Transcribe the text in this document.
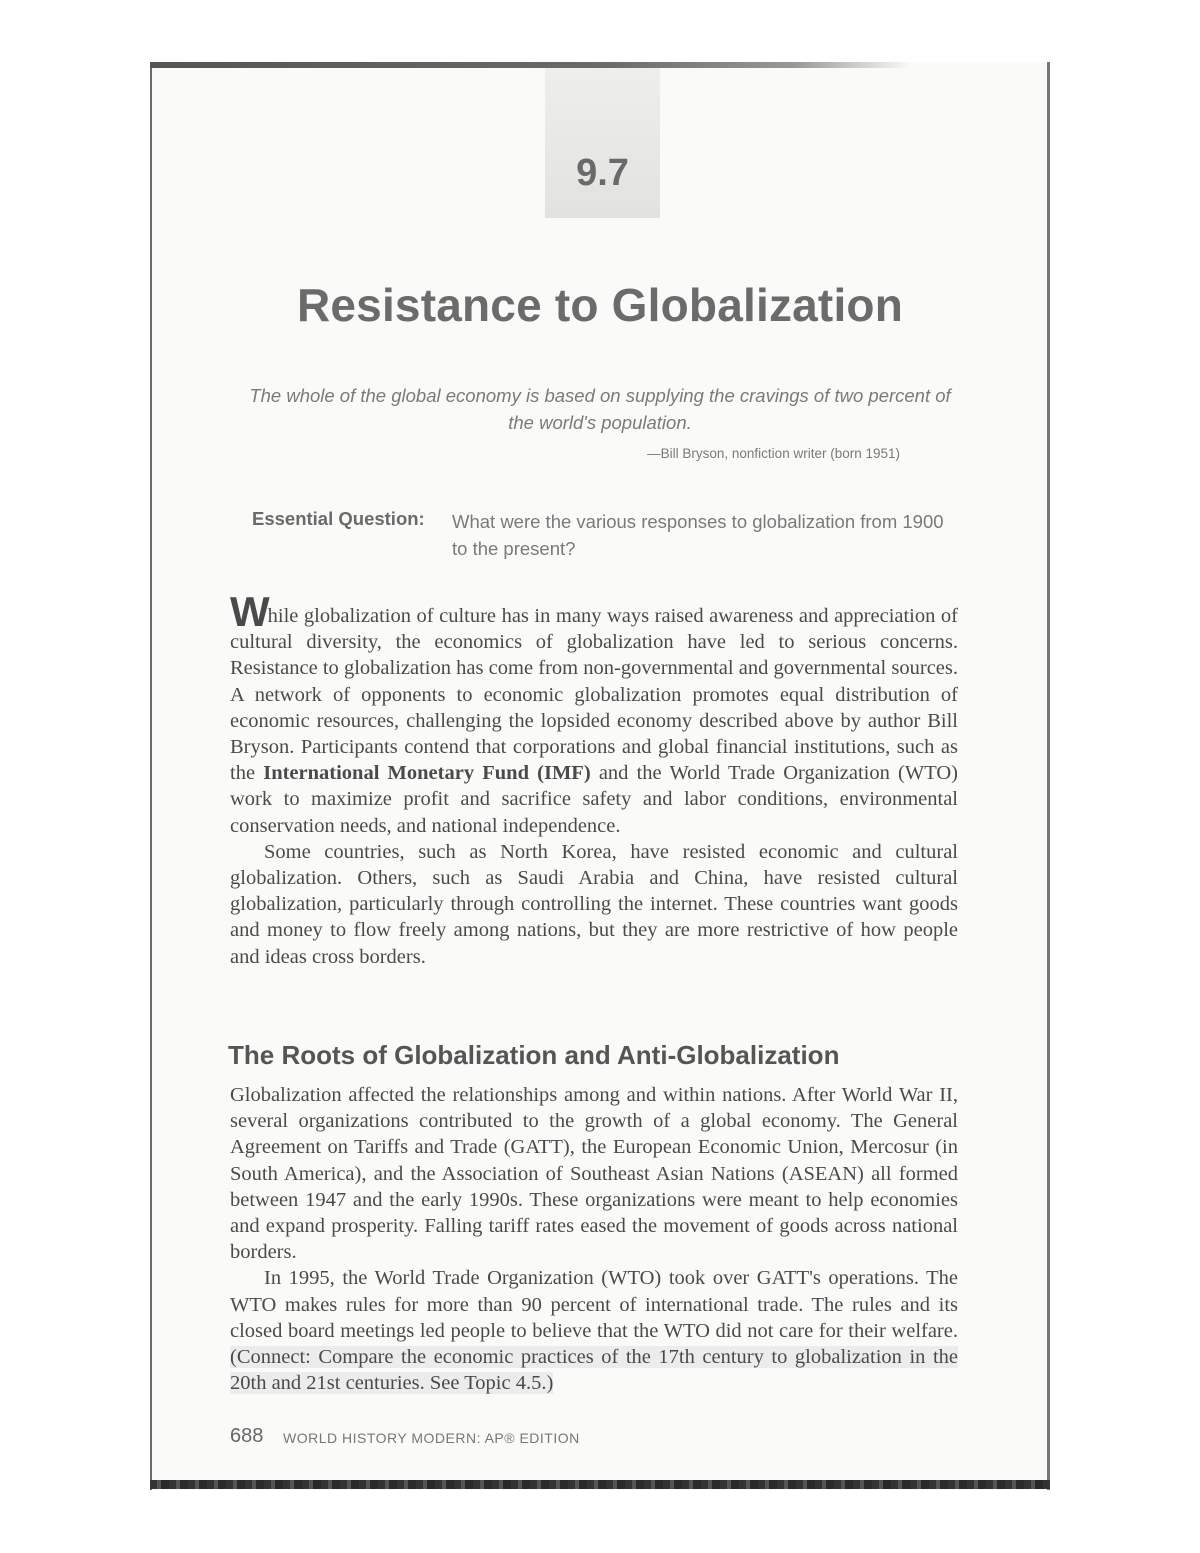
9.7
Resistance to Globalization
The whole of the global economy is based on supplying the cravings of two percent of the world's population.
—Bill Bryson, nonfiction writer (born 1951)
Essential Question: What were the various responses to globalization from 1900 to the present?

While globalization of culture has in many ways raised awareness and appreciation of cultural diversity, the economics of globalization have led to serious concerns. Resistance to globalization has come from non-governmental and governmental sources. A network of opponents to economic globalization promotes equal distribution of economic resources, challenging the lopsided economy described above by author Bill Bryson. Participants contend that corporations and global financial institutions, such as the International Monetary Fund (IMF) and the World Trade Organization (WTO) work to maximize profit and sacrifice safety and labor conditions, environmental conservation needs, and national independence.

Some countries, such as North Korea, have resisted economic and cultural globalization. Others, such as Saudi Arabia and China, have resisted cultural globalization, particularly through controlling the internet. These countries want goods and money to flow freely among nations, but they are more restrictive of how people and ideas cross borders.

The Roots of Globalization and Anti-Globalization

Globalization affected the relationships among and within nations. After World War II, several organizations contributed to the growth of a global economy. The General Agreement on Tariffs and Trade (GATT), the European Economic Union, Mercosur (in South America), and the Association of Southeast Asian Nations (ASEAN) all formed between 1947 and the early 1990s. These organizations were meant to help economies and expand prosperity. Falling tariff rates eased the movement of goods across national borders.

In 1995, the World Trade Organization (WTO) took over GATT's operations. The WTO makes rules for more than 90 percent of international trade. The rules and its closed board meetings led people to believe that the WTO did not care for their welfare. (Connect: Compare the economic practices of the 17th century to globalization in the 20th and 21st centuries. See Topic 4.5.)

688 WORLD HISTORY MODERN: AP® EDITION
